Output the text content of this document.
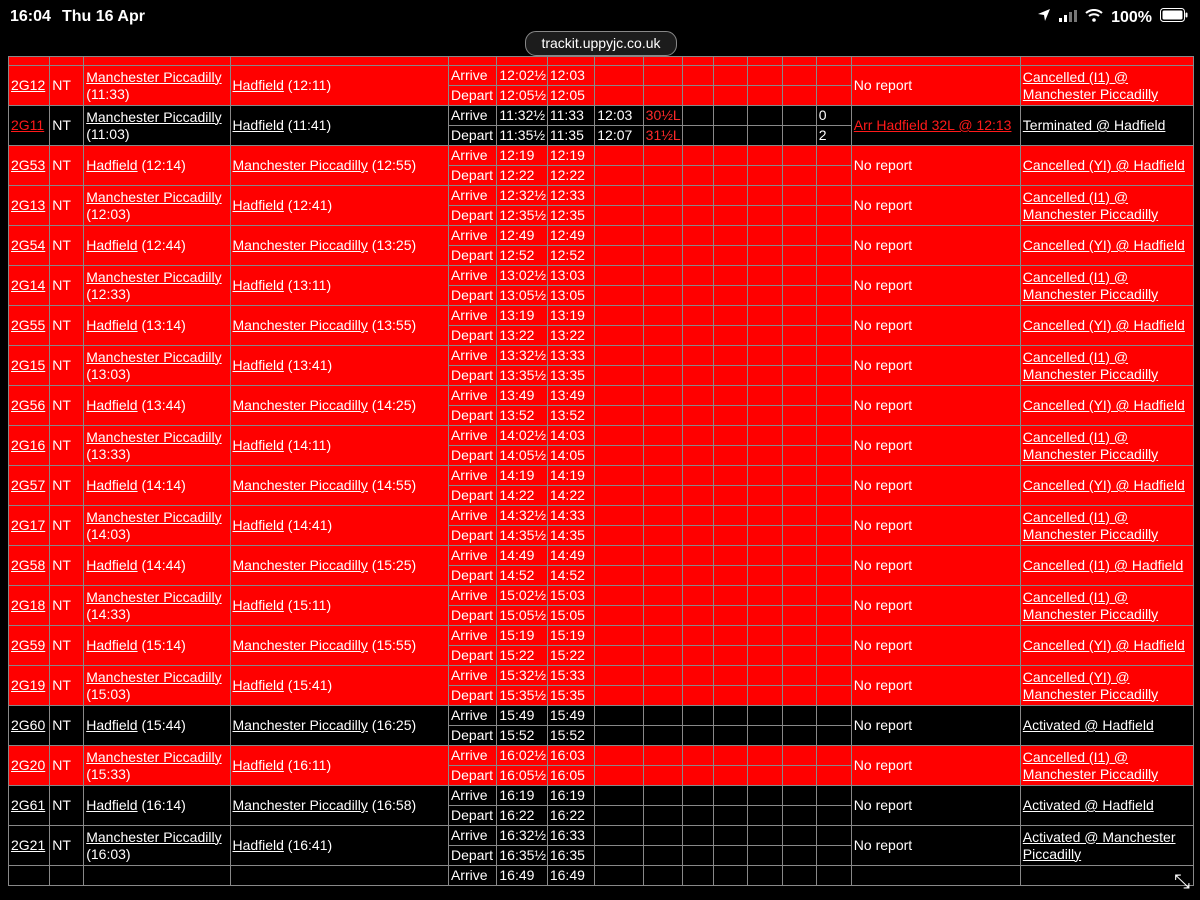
16:04 Thu 16 Apr	100%
trackit.uppyjc.co.uk

2G12	NT	Manchester Piccadilly
(11:33)	Hadfield (12:11)	Arrive	12:02½	12:03								No report	Cancelled (I1) @ Manchester Piccadilly
				Depart	12:05½	12:05									
2G11	NT	Manchester Piccadilly
(11:03)	Hadfield (11:41)	Arrive	11:32½	11:33	12:03	30½L					0	Arr Hadfield 32L @ 12:13	Terminated @ Hadfield
				Depart	11:35½	11:35	12:07	31½L					2		
2G53	NT	Hadfield (12:14)	Manchester Piccadilly (12:55)	Arrive	12:19	12:19								No report	Cancelled (YI) @ Hadfield
				Depart	12:22	12:22									
2G13	NT	Manchester Piccadilly
(12:03)	Hadfield (12:41)	Arrive	12:32½	12:33								No report	Cancelled (I1) @ Manchester Piccadilly
				Depart	12:35½	12:35									
2G54	NT	Hadfield (12:44)	Manchester Piccadilly (13:25)	Arrive	12:49	12:49								No report	Cancelled (YI) @ Hadfield
				Depart	12:52	12:52									
2G14	NT	Manchester Piccadilly
(12:33)	Hadfield (13:11)	Arrive	13:02½	13:03								No report	Cancelled (I1) @ Manchester Piccadilly
				Depart	13:05½	13:05									
2G55	NT	Hadfield (13:14)	Manchester Piccadilly (13:55)	Arrive	13:19	13:19								No report	Cancelled (YI) @ Hadfield
				Depart	13:22	13:22									
2G15	NT	Manchester Piccadilly
(13:03)	Hadfield (13:41)	Arrive	13:32½	13:33								No report	Cancelled (I1) @ Manchester Piccadilly
				Depart	13:35½	13:35									
2G56	NT	Hadfield (13:44)	Manchester Piccadilly (14:25)	Arrive	13:49	13:49								No report	Cancelled (YI) @ Hadfield
				Depart	13:52	13:52									
2G16	NT	Manchester Piccadilly
(13:33)	Hadfield (14:11)	Arrive	14:02½	14:03								No report	Cancelled (I1) @ Manchester Piccadilly
				Depart	14:05½	14:05									
2G57	NT	Hadfield (14:14)	Manchester Piccadilly (14:55)	Arrive	14:19	14:19								No report	Cancelled (YI) @ Hadfield
				Depart	14:22	14:22									
2G17	NT	Manchester Piccadilly
(14:03)	Hadfield (14:41)	Arrive	14:32½	14:33								No report	Cancelled (I1) @ Manchester Piccadilly
				Depart	14:35½	14:35									
2G58	NT	Hadfield (14:44)	Manchester Piccadilly (15:25)	Arrive	14:49	14:49								No report	Cancelled (I1) @ Hadfield
				Depart	14:52	14:52									
2G18	NT	Manchester Piccadilly
(14:33)	Hadfield (15:11)	Arrive	15:02½	15:03								No report	Cancelled (I1) @ Manchester Piccadilly
				Depart	15:05½	15:05									
2G59	NT	Hadfield (15:14)	Manchester Piccadilly (15:55)	Arrive	15:19	15:19								No report	Cancelled (YI) @ Hadfield
				Depart	15:22	15:22									
2G19	NT	Manchester Piccadilly
(15:03)	Hadfield (15:41)	Arrive	15:32½	15:33								No report	Cancelled (YI) @ Manchester Piccadilly
				Depart	15:35½	15:35									
2G60	NT	Hadfield (15:44)	Manchester Piccadilly (16:25)	Arrive	15:49	15:49								No report	Activated @ Hadfield
				Depart	15:52	15:52									
2G20	NT	Manchester Piccadilly
(15:33)	Hadfield (16:11)	Arrive	16:02½	16:03								No report	Cancelled (I1) @ Manchester Piccadilly
				Depart	16:05½	16:05									
2G61	NT	Hadfield (16:14)	Manchester Piccadilly (16:58)	Arrive	16:19	16:19								No report	Activated @ Hadfield
				Depart	16:22	16:22									
2G21	NT	Manchester Piccadilly
(16:03)	Hadfield (16:41)	Arrive	16:32½	16:33								No report	Activated @ Manchester Piccadilly
				Depart	16:35½	16:35									
				Arrive	16:49	16:49										⤡
